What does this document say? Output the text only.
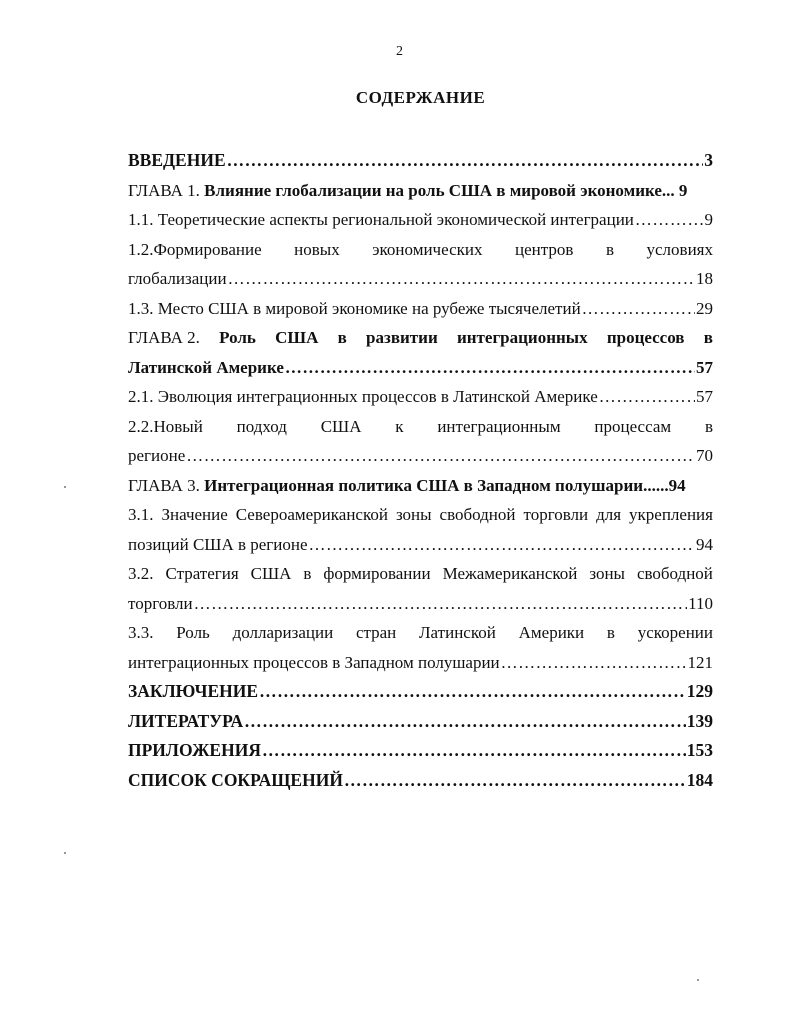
2
СОДЕРЖАНИЕ
ВВЕДЕНИЕ ……………………………………………………………………………………………………………………………………………	3
ГЛАВА 1.
Влияние глобализации на роль США в мировой экономике ... 9
1.1. Теоретические аспекты региональной экономической интеграции ……………………………………………………………………………………………………………………………………………	9
1.2.Формирование новых экономических центров в условиях
глобализации ……………………………………………………………………………………………………………………………………………	18
1.3. Место США в мировой экономике на рубеже тысячелетий ……………………………………………………………………………………………………………………………………………	29
ГЛАВА 2. Роль США в развитии интеграционных процессов в
Латинской Америке ……………………………………………………………………………………………………………………………………………	57
2.1. Эволюция интеграционных процессов в Латинской Америке ……………………………………………………………………………………………………………………………………………	57
2.2.Новый подход США к интеграционным процессам в
регионе ……………………………………………………………………………………………………………………………………………	70
ГЛАВА 3.
Интеграционная политика США в Западном полушарии ...... 94
3.1. Значение Североамериканской зоны свободной торговли для укрепления
позиций США в регионе ……………………………………………………………………………………………………………………………………………	94
3.2. Стратегия США в формировании Межамериканской зоны свободной
торговли ……………………………………………………………………………………………………………………………………………	110
3.3. Роль долларизации стран Латинской Америки в ускорении
интеграционных процессов в Западном полушарии ……………………………………………………………………………………………………………………………………………	121
ЗАКЛЮЧЕНИЕ ……………………………………………………………………………………………………………………………………………	129
ЛИТЕРАТУРА ……………………………………………………………………………………………………………………………………………	139
ПРИЛОЖЕНИЯ ……………………………………………………………………………………………………………………………………………	153
СПИСОК СОКРАЩЕНИЙ ……………………………………………………………………………………………………………………………………………	184
